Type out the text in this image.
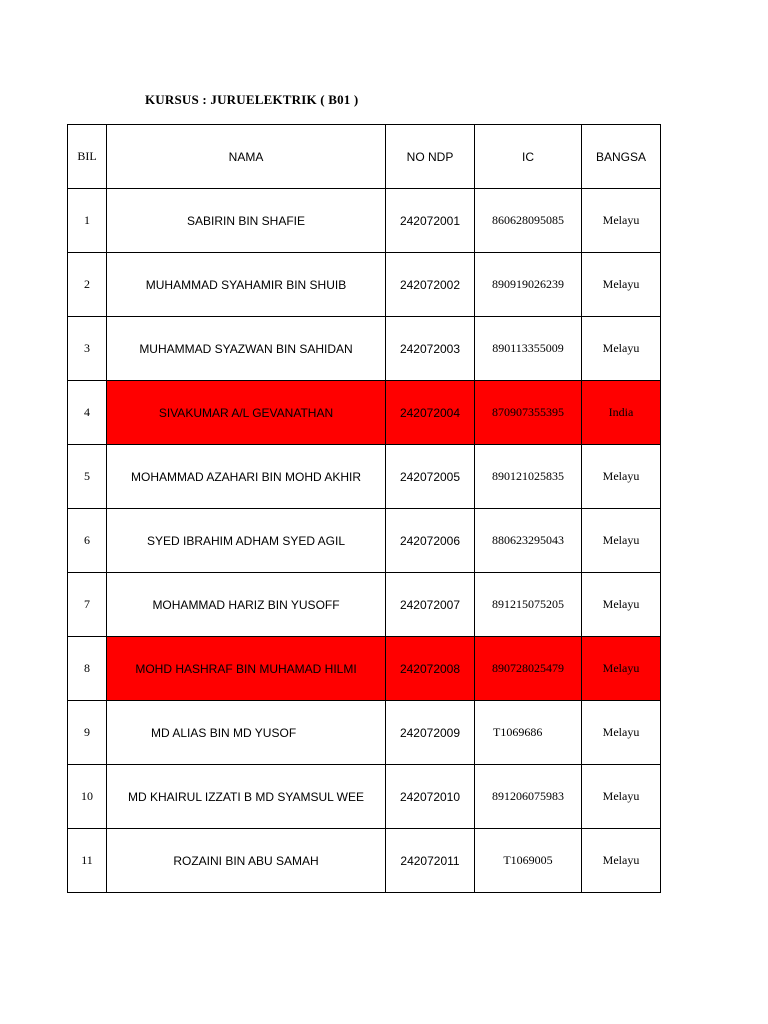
KURSUS : JURUELEKTRIK ( B01 )
BIL	NAMA	NO NDP	IC	BANGSA
1	SABIRIN BIN SHAFIE	242072001	860628095085	Melayu
2	MUHAMMAD SYAHAMIR BIN SHUIB	242072002	890919026239	Melayu
3	MUHAMMAD SYAZWAN BIN SAHIDAN	242072003	890113355009	Melayu
4	SIVAKUMAR A/L GEVANATHAN	242072004	870907355395	India
5	MOHAMMAD AZAHARI BIN MOHD AKHIR	242072005	890121025835	Melayu
6	SYED IBRAHIM ADHAM SYED AGIL	242072006	880623295043	Melayu
7	MOHAMMAD HARIZ BIN YUSOFF	242072007	891215075205	Melayu
8	MOHD HASHRAF BIN MUHAMAD HILMI	242072008	890728025479	Melayu
9	MD ALIAS BIN MD YUSOF	242072009	T1069686	Melayu
10	MD KHAIRUL IZZATI B MD SYAMSUL WEE	242072010	891206075983	Melayu
11	ROZAINI BIN ABU SAMAH	242072011	T1069005	Melayu
